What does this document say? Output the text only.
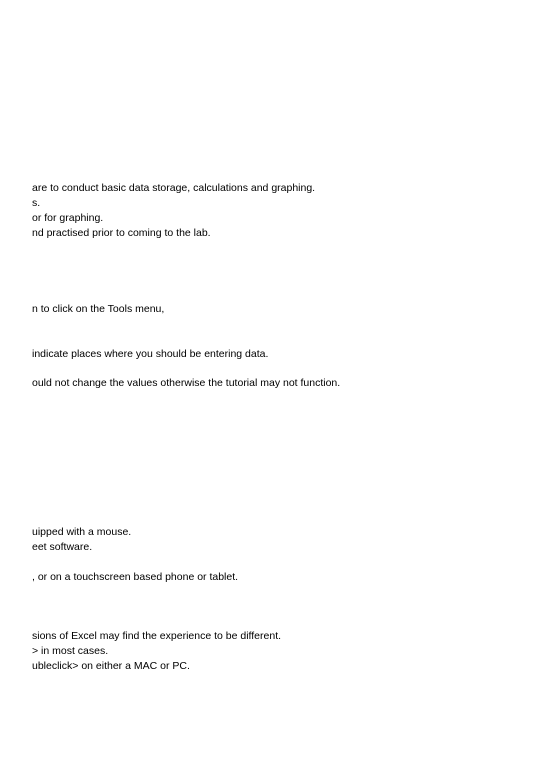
are to conduct basic data storage, calculations and graphing.
s.
or for graphing.
nd practised prior to coming to the lab.
n to click on the Tools menu,
indicate places where you should be entering data.
ould not change the values otherwise the tutorial may not function.
uipped with a mouse.
eet software.
, or on a touchscreen based phone or tablet.
sions of Excel may find the experience to be different.
> in most cases.
ubleclick> on either a MAC or PC.
